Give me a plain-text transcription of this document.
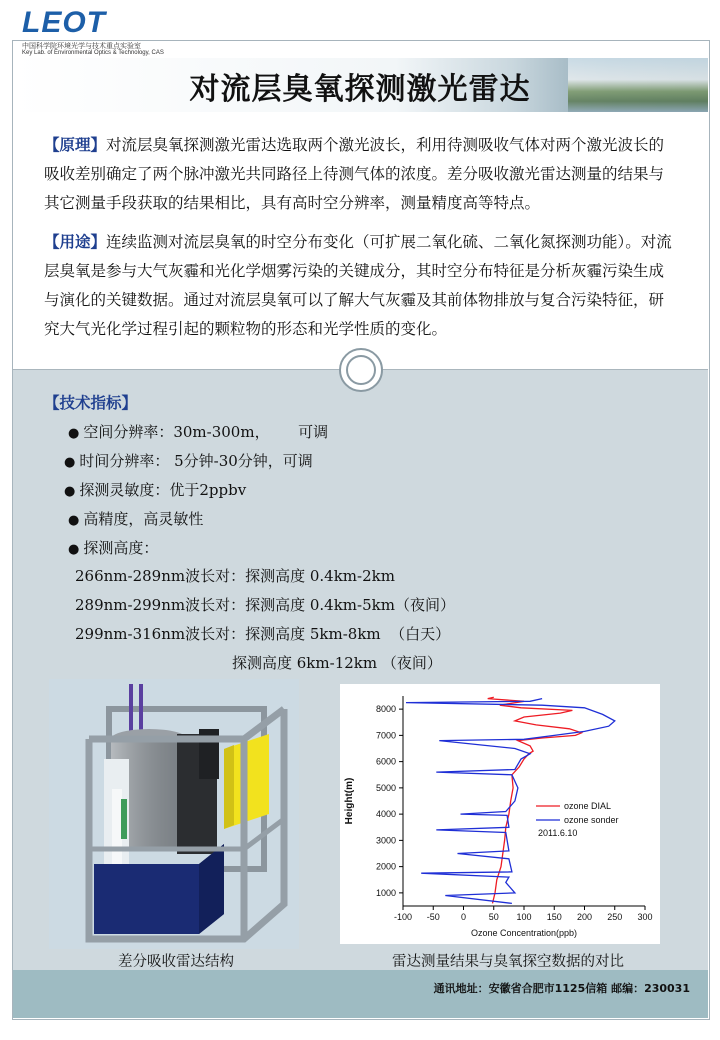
LEOT
中国科学院环境光学与技术重点实验室
Key Lab. of Environmental Optics & Technology, CAS
对流层臭氧探测激光雷达
【原理】对流层臭氧探测激光雷达选取两个激光波长，利用待测吸收气体对两个激光波长的吸收差别确定了两个脉冲激光共同路径上待测气体的浓度。差分吸收激光雷达测量的结果与其它测量手段获取的结果相比，具有高时空分辨率，测量精度高等特点。
【用途】连续监测对流层臭氧的时空分布变化（可扩展二氧化硫、二氧化氮探测功能）。对流层臭氧是参与大气灰霾和光化学烟雾污染的关键成分，其时空分布特征是分析灰霾污染生成与演化的关键数据。通过对流层臭氧可以了解大气灰霾及其前体物排放与复合污染特征，研究大气光化学过程引起的颗粒物的形态和光学性质的变化。
【技术指标】
● 空间分辨率：30m-300m，      可调
● 时间分辨率： 5分钟-30分钟，可调
● 探测灵敏度：优于2ppbv
● 高精度，高灵敏性
● 探测高度：
266nm-289nm波长对：探测高度 0.4km-2km
289nm-299nm波长对：探测高度 0.4km-5km（夜间）
299nm-316nm波长对：探测高度 5km-8km  （白天）
探测高度 6km-12km （夜间）
差分吸收雷达结构
-100 -50 0	50 100 150 200 250 300
1000
2000
3000
4000
5000
6000
7000
8000
Ozone Concentration(ppb)
Height(m)	ozone DIAL
ozone sonder
2011.6.10
雷达测量结果与臭氧探空数据的对比
通讯地址：安徽省合肥市1125信箱 邮编：230031
